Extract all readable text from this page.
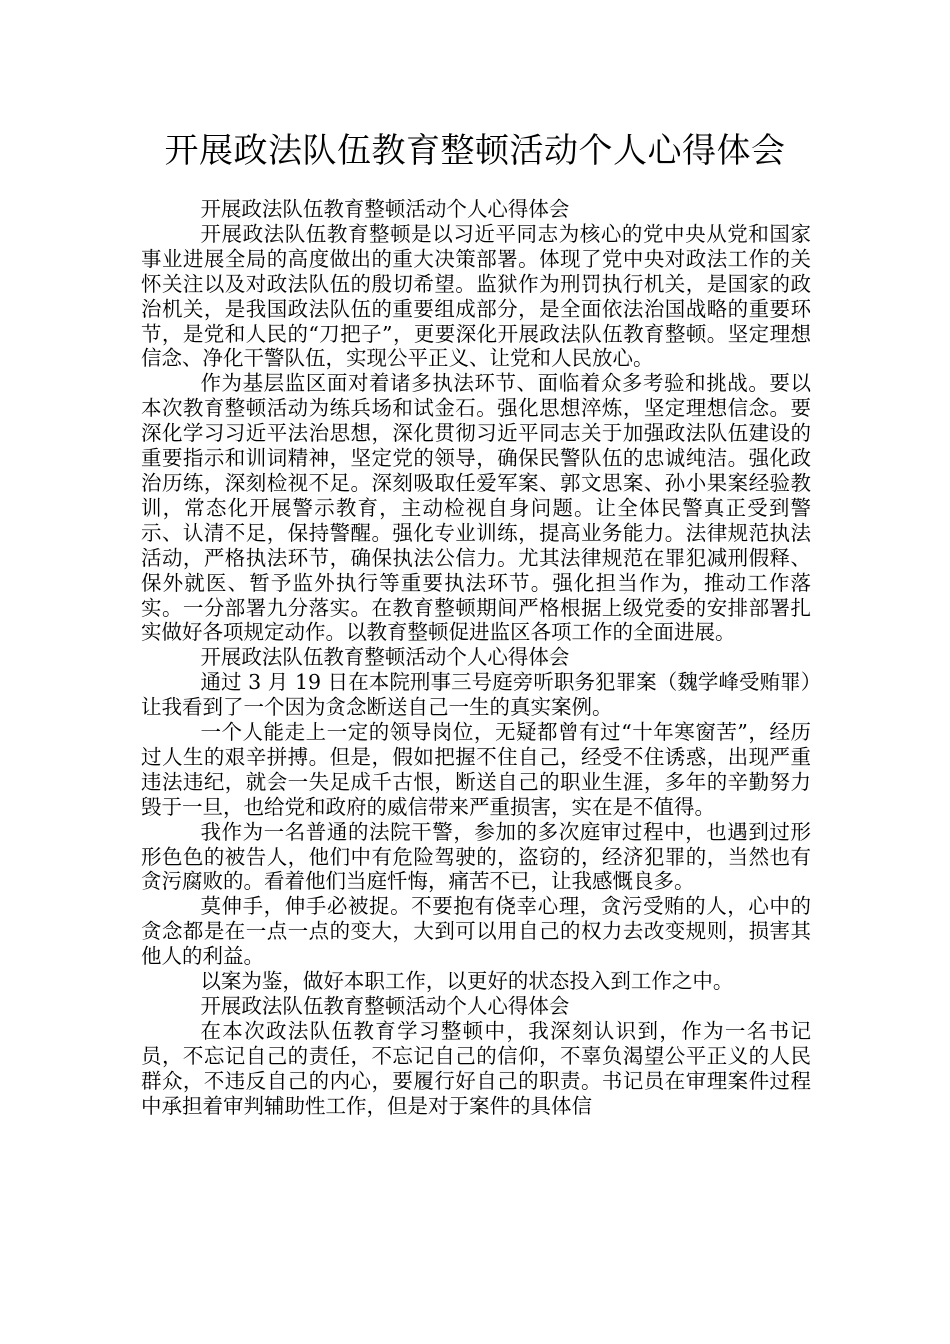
开展政法队伍教育整顿活动个人心得体会

开展政法队伍教育整顿活动个人心得体会

开展政法队伍教育整顿是以习近平同志为核心的党中央从党和国家事业进展全局的高度做出的重大决策部署。体现了党中央对政法工作的关怀关注以及对政法队伍的殷切希望。监狱作为刑罚执行机关，是国家的政治机关，是我国政法队伍的重要组成部分，是全面依法治国战略的重要环节，是党和人民的“刀把子”，更要深化开展政法队伍教育整顿。坚定理想信念、净化干警队伍，实现公平正义、让党和人民放心。

作为基层监区面对着诸多执法环节、面临着众多考验和挑战。要以本次教育整顿活动为练兵场和试金石。强化思想淬炼，坚定理想信念。要深化学习习近平法治思想，深化贯彻习近平同志关于加强政法队伍建设的重要指示和训词精神，坚定党的领导，确保民警队伍的忠诚纯洁。强化政治历练，深刻检视不足。深刻吸取任爱军案、郭文思案、孙小果案经验教训，常态化开展警示教育，主动检视自身问题。让全体民警真正受到警示、认清不足，保持警醒。强化专业训练，提高业务能力。法律规范执法活动，严格执法环节，确保执法公信力。尤其法律规范在罪犯减刑假释、保外就医、暂予监外执行等重要执法环节。强化担当作为，推动工作落实。一分部署九分落实。在教育整顿期间严格根据上级党委的安排部署扎实做好各项规定动作。以教育整顿促进监区各项工作的全面进展。

开展政法队伍教育整顿活动个人心得体会

通过 3 月 19 日在本院刑事三号庭旁听职务犯罪案（魏学峰受贿罪）让我看到了一个因为贪念断送自己一生的真实案例。

一个人能走上一定的领导岗位，无疑都曾有过“十年寒窗苦”，经历过人生的艰辛拼搏。但是，假如把握不住自己，经受不住诱惑，出现严重违法违纪，就会一失足成千古恨，断送自己的职业生涯，多年的辛勤努力毁于一旦，也给党和政府的威信带来严重损害，实在是不值得。

我作为一名普通的法院干警，参加的多次庭审过程中，也遇到过形形色色的被告人，他们中有危险驾驶的，盗窃的，经济犯罪的，当然也有贪污腐败的。看着他们当庭忏悔，痛苦不已，让我感慨良多。

莫伸手，伸手必被捉。不要抱有侥幸心理，贪污受贿的人，心中的贪念都是在一点一点的变大，大到可以用自己的权力去改变规则，损害其他人的利益。

以案为鉴，做好本职工作，以更好的状态投入到工作之中。

开展政法队伍教育整顿活动个人心得体会

在本次政法队伍教育学习整顿中，我深刻认识到，作为一名书记员，不忘记自己的责任，不忘记自己的信仰，不辜负渴望公平正义的人民群众，不违反自己的内心，要履行好自己的职责。书记员在审理案件过程中承担着审判辅助性工作，但是对于案件的具体信
